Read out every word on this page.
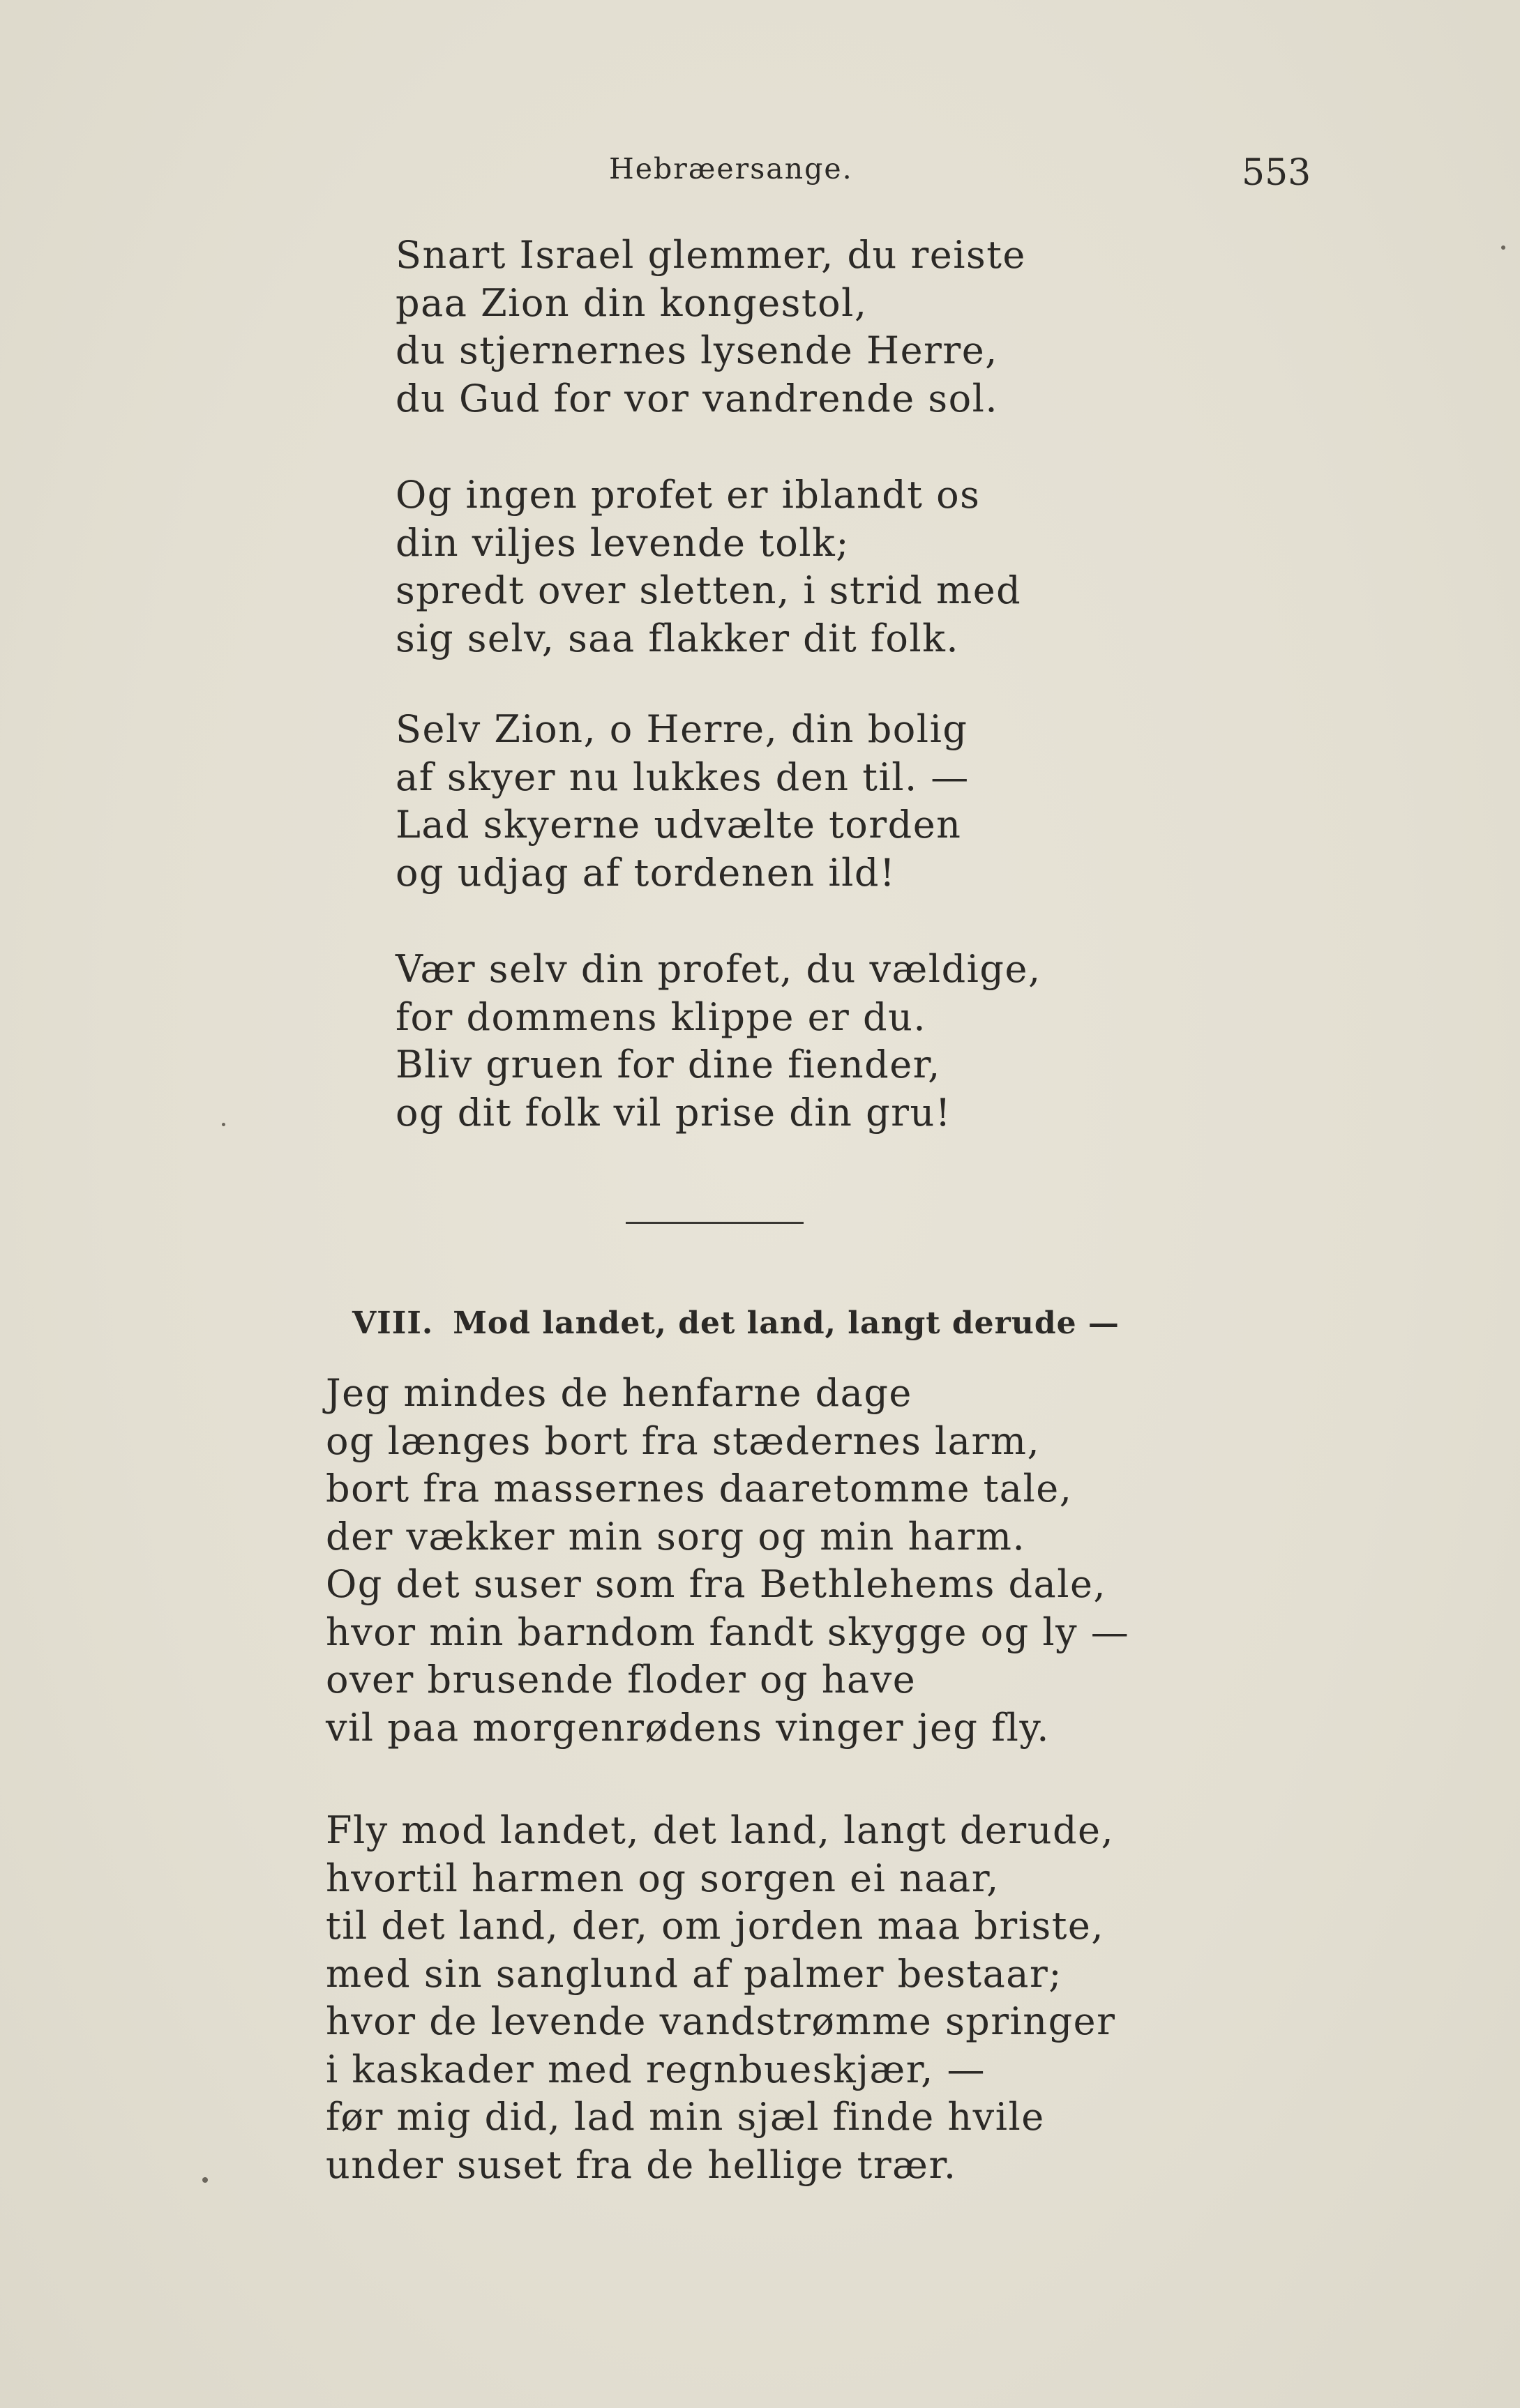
Hebræersange.	553
Snart Israel glemmer, du reiste
paa Zion din kongestol,
du stjernernes lysende Herre,
du Gud for vor vandrende sol.
Og ingen profet er iblandt os
din viljes levende tolk;
spredt over sletten, i strid med
sig selv, saa flakker dit folk.
Selv Zion, o Herre, din bolig
af skyer nu lukkes den til. —
Lad skyerne udvælte torden
og udjag af tordenen ild!
Vær selv din profet, du vældige,
for dommens klippe er du.
Bliv gruen for dine fiender,
og dit folk vil prise din gru!
VIII. Mod landet, det land, langt derude —
Jeg mindes de henfarne dage
og længes bort fra stædernes larm,
bort fra massernes daaretomme tale,
der vækker min sorg og min harm.
Og det suser som fra Bethlehems dale,
hvor min barndom fandt skygge og ly —
over brusende floder og have
vil paa morgenrødens vinger jeg fly.
Fly mod landet, det land, langt derude,
hvortil harmen og sorgen ei naar,
til det land, der, om jorden maa briste,
med sin sanglund af palmer bestaar;
hvor de levende vandstrømme springer
i kaskader med regnbueskjær, —
før mig did, lad min sjæl finde hvile
under suset fra de hellige trær.
